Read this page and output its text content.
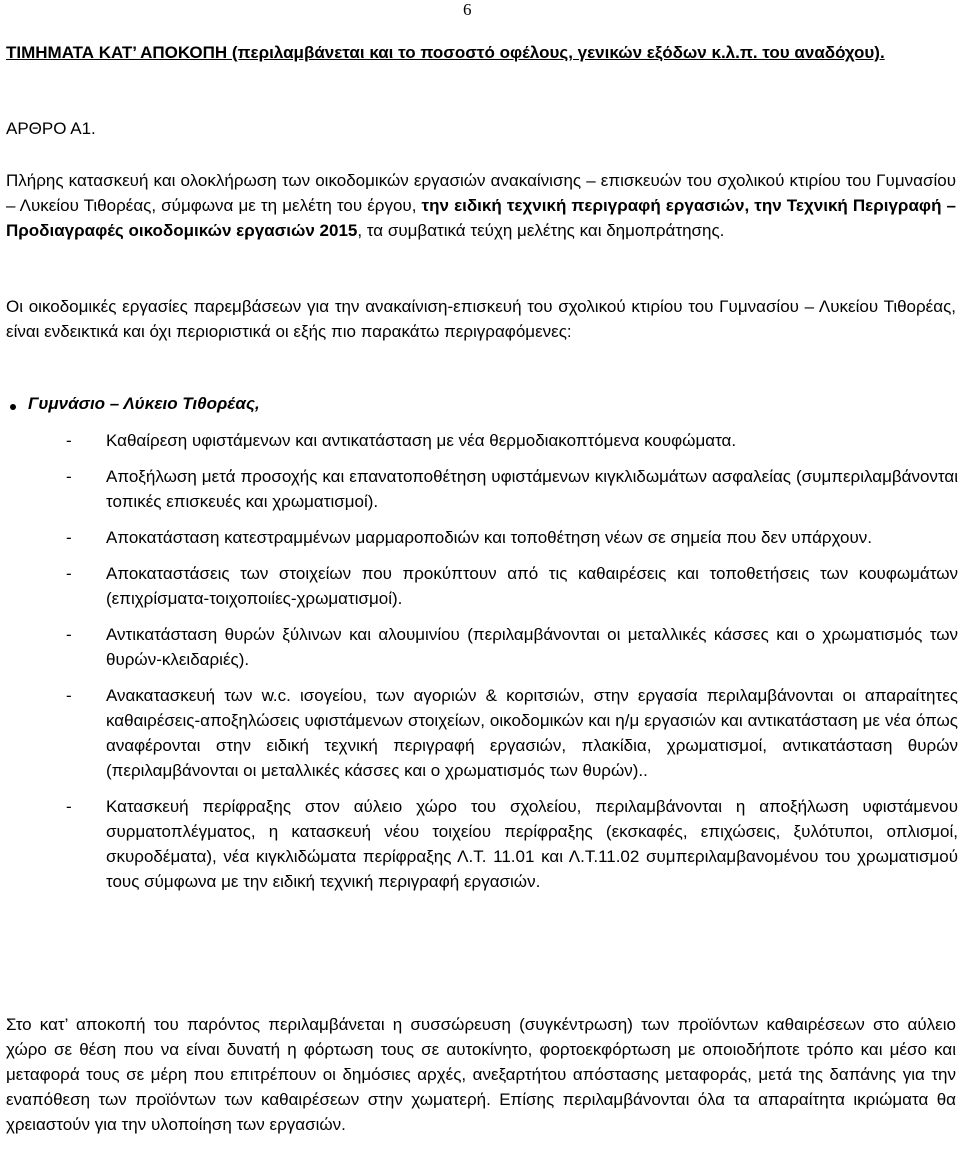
6
ΤΙΜΗΜΑΤΑ ΚΑΤ’ ΑΠΟΚΟΠΗ (περιλαμβάνεται και το ποσοστό οφέλους, γενικών εξόδων κ.λ.π. του αναδόχου).
ΑΡΘΡΟ Α1.
Πλήρης κατασκευή και ολοκλήρωση των οικοδομικών εργασιών ανακαίνισης – επισκευών του σχολικού κτιρίου του Γυμνασίου – Λυκείου Τιθορέας, σύμφωνα με τη μελέτη του έργου, την ειδική τεχνική περιγραφή εργασιών, την Τεχνική Περιγραφή – Προδιαγραφές οικοδομικών εργασιών 2015, τα συμβατικά τεύχη μελέτης και δημοπράτησης.
Οι οικοδομικές εργασίες παρεμβάσεων για την ανακαίνιση-επισκευή του σχολικού κτιρίου του Γυμνασίου – Λυκείου Τιθορέας, είναι ενδεικτικά και όχι περιοριστικά οι εξής πιο παρακάτω περιγραφόμενες:
Γυμνάσιο – Λύκειο Τιθορέας,
- Καθαίρεση υφιστάμενων και αντικατάσταση με νέα θερμοδιακοπτόμενα κουφώματα.
- Αποξήλωση μετά προσοχής και επανατοποθέτηση υφιστάμενων κιγκλιδωμάτων ασφαλείας (συμπεριλαμβάνονται τοπικές επισκευές και χρωματισμοί).
- Αποκατάσταση κατεστραμμένων μαρμαροποδιών και τοποθέτηση νέων σε σημεία που δεν υπάρχουν.
- Αποκαταστάσεις των στοιχείων που προκύπτουν από τις καθαιρέσεις και τοποθετήσεις των κουφωμάτων (επιχρίσματα-τοιχοποιίες-χρωματισμοί).
- Αντικατάσταση θυρών ξύλινων και αλουμινίου (περιλαμβάνονται οι μεταλλικές κάσσες και ο χρωματισμός των θυρών-κλειδαριές).
- Ανακατασκευή των w.c. ισογείου, των αγοριών & κοριτσιών, στην εργασία περιλαμβάνονται οι απαραίτητες καθαιρέσεις-αποξηλώσεις υφιστάμενων στοιχείων, οικοδομικών και η/μ εργασιών και αντικατάσταση με νέα όπως αναφέρονται στην ειδική τεχνική περιγραφή εργασιών, πλακίδια, χρωματισμοί, αντικατάσταση θυρών (περιλαμβάνονται οι μεταλλικές κάσσες και ο χρωματισμός των θυρών)..
- Κατασκευή περίφραξης στον αύλειο χώρο του σχολείου, περιλαμβάνονται η αποξήλωση υφιστάμενου συρματοπλέγματος, η κατασκευή νέου τοιχείου περίφραξης (εκσκαφές, επιχώσεις, ξυλότυποι, οπλισμοί, σκυροδέματα), νέα κιγκλιδώματα περίφραξης Λ.Τ. 11.01 και Λ.Τ.11.02 συμπεριλαμβανομένου του χρωματισμού τους σύμφωνα με την ειδική τεχνική περιγραφή εργασιών.
Στο κατ’ αποκοπή του παρόντος περιλαμβάνεται η συσσώρευση (συγκέντρωση) των προϊόντων καθαιρέσεων στο αύλειο χώρο σε θέση που να είναι δυνατή η φόρτωση τους σε αυτοκίνητο, φορτοεκφόρτωση με οποιοδήποτε τρόπο και μέσο και μεταφορά τους σε μέρη που επιτρέπουν οι δημόσιες αρχές, ανεξαρτήτου απόστασης μεταφοράς, μετά της δαπάνης για την εναπόθεση των προϊόντων των καθαιρέσεων στην χωματερή. Επίσης περιλαμβάνονται όλα τα απαραίτητα ικριώματα θα χρειαστούν για την υλοποίηση των εργασιών.
